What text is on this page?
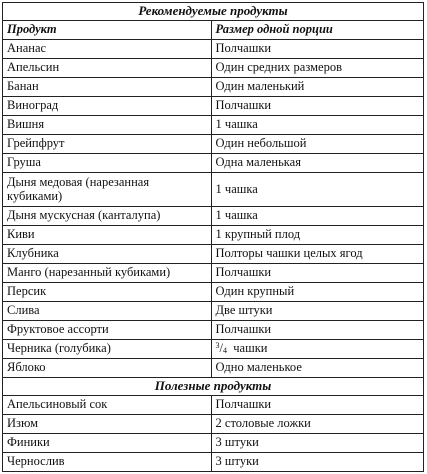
Рекомендуемые продукты	
Продукт	Размер одной порции
Ананас	Полчашки
Апельсин	Один средних размеров
Банан	Один маленький
Виноград	Полчашки
Вишня	1 чашка
Грейпфрут	Один небольшой
Груша	Одна маленькая
Дыня медовая (нарезанная кубиками)	1 чашка
Дыня мускусная (канталупа)	1 чашка
Киви	1 крупный плод
Клубника	Полторы чашки целых ягод
Манго (нарезанный кубиками)	Полчашки
Персик	Один крупный
Слива	Две штуки
Фруктовое ассорти	Полчашки
Черника (голубика)	$^3/_4$ чашки
Яблоко	Одно маленькое
Полезные продукты	
Апельсиновый сок	Полчашки
Изюм	2 столовые ложки
Финики	3 штуки
Чернослив	3 штуки
